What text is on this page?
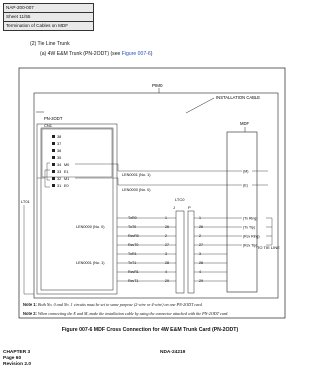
NAP-200-007
Sheet 11/55
Termination of Cables on MDF
(2) Tie Line Trunk
(a) 4W E&M Trunk (PN-2ODT) (see Figure 007-6)
PIM0
INSTALLATION CABLE
PN-2ODT
MDF
CN1
LTC0
LT01
J	P
LEN0001 (No. 1)
LEN0000 (No. 0)
LEN0000 (No. 0)
LEN0001 (No. 1)
TO TIE LINE
38
37
36
35
34 M0
33 E1
32 M1
31 E0
(M)
(E)
TxR0
TxT0
RcvR0
RcvT0
TxR1
TxT1
RcvR1
RcvT1
1
26
2
27
3
28
4
29
1
26
2
27
3
28
4
29
(Tx Ring)
(Tx Tip)
(Rcv Ring)
(Rcv Tip)
Note 1: Both No. 0 and No. 1 circuits must be set to same purpose (2-wire or 4-wire) on one PN-2ODT card.
Note 2: When connecting the E and M, make the installation cable by using the connector attached with the PN-2ODT card.
Figure 007-6 MDF Cross Connection for 4W E&M Trunk Card (PN-2ODT)
CHAPTER 3
Page 60
Revision 2.0
NDA-24219
